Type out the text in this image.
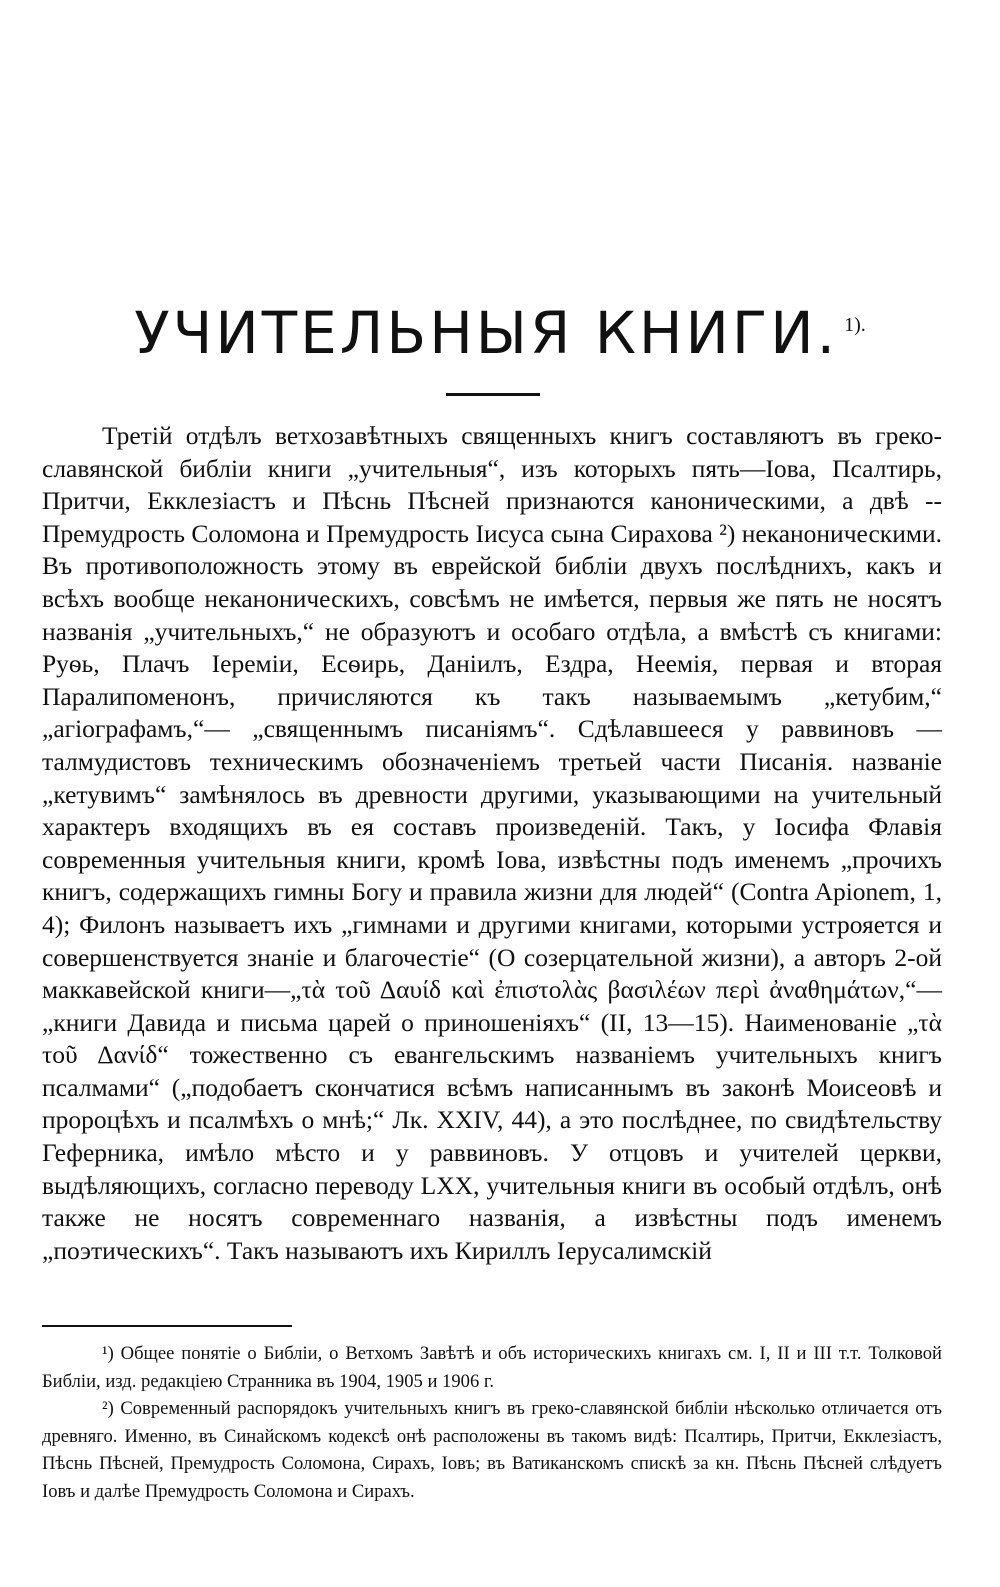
УЧИТЕЛЬНЫЯ КНИГИ. $^{1).}$

Третій отдѣлъ ветхозавѣтныхъ священныхъ книгъ составляютъ въ греко-славянской библіи книги „учительныя“, изъ которыхъ пять—Іова, Псалтирь, Притчи, Екклезіастъ и Пѣснь Пѣсней признаются каноническими, а двѣ --Премудрость Соломона и Премудрость Іисуса сына Сирахова ²) неканоническими. Въ противоположность этому въ еврейской библіи двухъ послѣднихъ, какъ и всѣхъ вообще неканоническихъ, совсѣмъ не имѣется, первыя же пять не носятъ названія „учительныхъ,“ не образуютъ и особаго отдѣла, а вмѣстѣ съ книгами: Руѳь, Плачъ Іереміи, Есѳирь, Даніилъ, Ездра, Неемія, первая и вторая Паралипоменонъ, причисляются къ такъ называемымъ „кетубим,“ „агіографамъ,“— „священнымъ писаніямъ“. Сдѣлавшееся у раввиновъ — талмудистовъ техническимъ обозначеніемъ третьей части Писанія. названіе „кетувимъ“ замѣнялось въ древности другими, указывающими на учительный характеръ входящихъ въ ея составъ произведеній. Такъ, у Іосифа Флавія современныя учительныя книги, кромѣ Іова, извѣстны подъ именемъ „прочихъ книгъ, содержащихъ гимны Богу и правила жизни для людей“ (Contra Apionem, 1, 4); Филонъ называетъ ихъ „гимнами и другими книгами, которыми устрояется и совершенствуется знаніе и благочестіе“ (О созерцательной жизни), а авторъ 2-ой маккавейской книги—„τὰ τοῦ Δαυίδ καὶ ἐπιστολὰς βασιλέων περὶ ἀναθημάτων,“—„книги Давида и письма царей о приношеніяхъ“ (II, 13—15). Наименованіе „τὰ τοῦ Δανίδ“ тожественно съ евангельскимъ названіемъ учительныхъ книгъ псалмами“ („подобаетъ скончатися всѣмъ написаннымъ въ законѣ Моисеовѣ и пророцѣхъ и псалмѣхъ о мнѣ;“ Лк. XXIV, 44), а это послѣднее, по свидѣтельству Геферника, имѣло мѣсто и у раввиновъ. У отцовъ и учителей церкви, выдѣляющихъ, согласно переводу LXX, учительныя книги въ особый отдѣлъ, онѣ также не носятъ современнаго названія, а извѣстны подъ именемъ „поэтическихъ“. Такъ называютъ ихъ Кириллъ Іерусалимскій

¹) Общее понятіе о Библіи, о Ветхомъ Завѣтѣ и объ историческихъ книгахъ см. I, II и III т.т. Толковой Библіи, изд. редакціею Странника въ 1904, 1905 и 1906 г.

²) Современный распорядокъ учительныхъ книгъ въ греко-славянской библіи нѣсколько отличается отъ древняго. Именно, въ Синайскомъ кодексѣ онѣ расположены въ такомъ видѣ: Псалтирь, Притчи, Екклезіастъ, Пѣснь Пѣсней, Премудрость Соломона, Сирахъ, Іовъ; въ Ватиканскомъ спискѣ за кн. Пѣснь Пѣсней слѣдуетъ Іовъ и далѣе Премудрость Соломона и Сирахъ.
